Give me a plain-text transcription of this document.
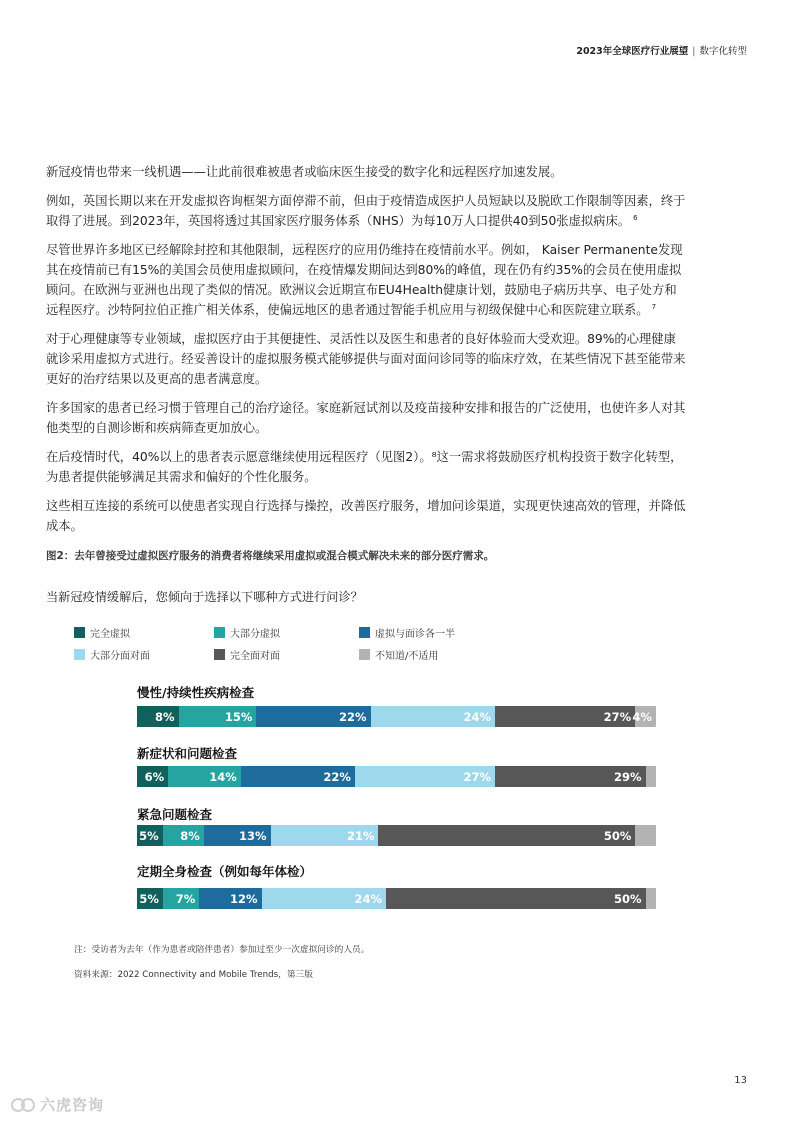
2023年全球医疗行业展望 | 数字化转型

新冠疫情也带来一线机遇——让此前很难被患者或临床医生接受的数字化和远程医疗加速发展。

例如，英国长期以来在开发虚拟咨询框架方面停滞不前，但由于疫情造成医护人员短缺以及脱欧工作限制等因素，终于取得了进展。到2023年，英国将透过其国家医疗服务体系（NHS）为每10万人口提供40到50张虚拟病床。 $^6$

尽管世界许多地区已经解除封控和其他限制，远程医疗的应用仍维持在疫情前水平。例如， Kaiser Permanente发现其在疫情前已有15%的美国会员使用虚拟顾问，在疫情爆发期间达到80%的峰值，现在仍有约35%的会员在使用虚拟顾问。在欧洲与亚洲也出现了类似的情况。欧洲议会近期宣布EU4Health健康计划，鼓励电子病历共享、电子处方和远程医疗。沙特阿拉伯正推广相关体系，使偏远地区的患者通过智能手机应用与初级保健中心和医院建立联系。 $^7$

对于心理健康等专业领域，虚拟医疗由于其便捷性、灵活性以及医生和患者的良好体验而大受欢迎。89%的心理健康就诊采用虚拟方式进行。经妥善设计的虚拟服务模式能够提供与面对面问诊同等的临床疗效，在某些情况下甚至能带来更好的治疗结果以及更高的患者满意度。

许多国家的患者已经习惯于管理自己的治疗途径。家庭新冠试剂以及疫苗接种安排和报告的广泛使用，也使许多人对其他类型的自测诊断和疾病筛查更加放心。

在后疫情时代，40%以上的患者表示愿意继续使用远程医疗（见图2）。⁸这一需求将鼓励医疗机构投资于数字化转型，为患者提供能够满足其需求和偏好的个性化服务。

这些相互连接的系统可以使患者实现自行选择与操控，改善医疗服务，增加问诊渠道，实现更快速高效的管理，并降低成本。

图2：去年曾接受过虚拟医疗服务的消费者将继续采用虚拟或混合模式解决未来的部分医疗需求。
当新冠疫情缓解后，您倾向于选择以下哪种方式进行问诊？
完全虚拟	大部分虚拟	虚拟与面诊各一半
大部分面对面	完全面对面	不知道/不适用
慢性/持续性疾病检查
8%	15%	22%	24%	27% 4%
新症状和问题检查
6%	14%	22%	27%	29%
紧急问题检查
5% 8%	13%	21%	50%
定期全身检查（例如每年体检）
5% 7%	12%	24%	50%
注：受访者为去年（作为患者或陪伴患者）参加过至少一次虚拟问诊的人员。
资料来源：2022 Connectivity and Mobile Trends，第三版
13
六虎咨询
